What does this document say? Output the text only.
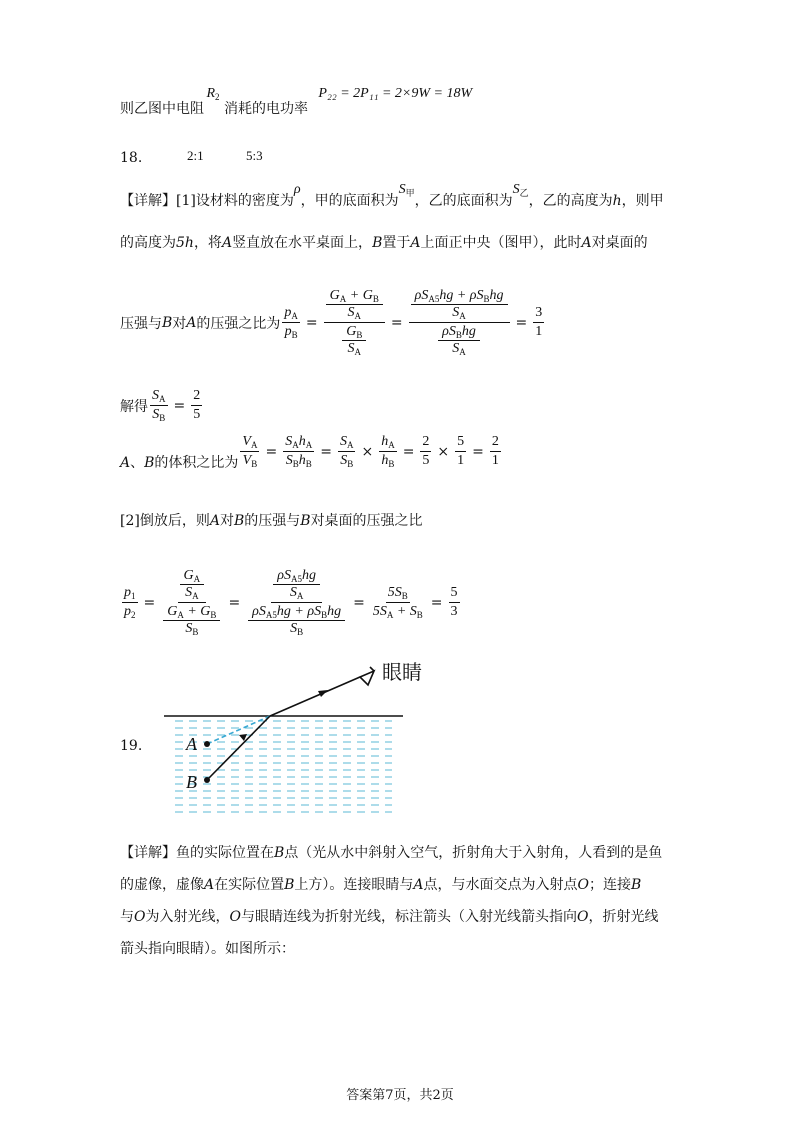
则乙图中电阻 $R_2$ 消耗的电功率 P₂₂ = 2P₁₁ = 2×9W = 18W
18.	2:1	5:3
【详解】[1]设材料的密度为ρ，甲的底面积为$S_甲$，乙的底面积为$S_乙$，乙的高度为h，则甲
的高度为5h，将A竖直放在水平桌面上，B置于A上面正中央（图甲），此时A对桌面的
压强与 B 对 A 的压强之比为 $\frac{p_A}{p_B} = G_A + G_B$
$S_A$
$G_B$
$S_A = \rho S_{A5}hg + \rho S_Bhg$
$S_A$
$\rho S_Bhg$
$S_A = \frac{3}{1}$
解得 $\frac{S_A}{S_B} = \frac{2}{5}$
A、B的体积之比为 $\frac{V_A}{V_B} = \frac{S_Ah_A}{S_Bh_B} = \frac{S_A}{S_B} \times \frac{h_A}{h_B} = \frac{2}{5} \times \frac{5}{1} = \frac{2}{1}$
[2]倒放后，则A对B的压强与B对桌面的压强之比
$\frac{p_1}{p_2} = G_A$
$S_A$
$G_A + G_B$
$S_B = \rho S_{A5}hg$
$S_A$
$\rho S_{A5}hg + \rho S_Bhg$
$S_B = \frac{5S_B}{5S_A + S_B} = \frac{5}{3}$
19. A
B
眼睛
【详解】鱼的实际位置在B点（光从水中斜射入空气，折射角大于入射角，人看到的是鱼
的虚像，虚像A在实际位置B上方）。连接眼睛与A点，与水面交点为入射点O；连接B
与O为入射光线，O与眼睛连线为折射光线，标注箭头（入射光线箭头指向O，折射光线
箭头指向眼睛）。如图所示：
答案第7页，共2页
